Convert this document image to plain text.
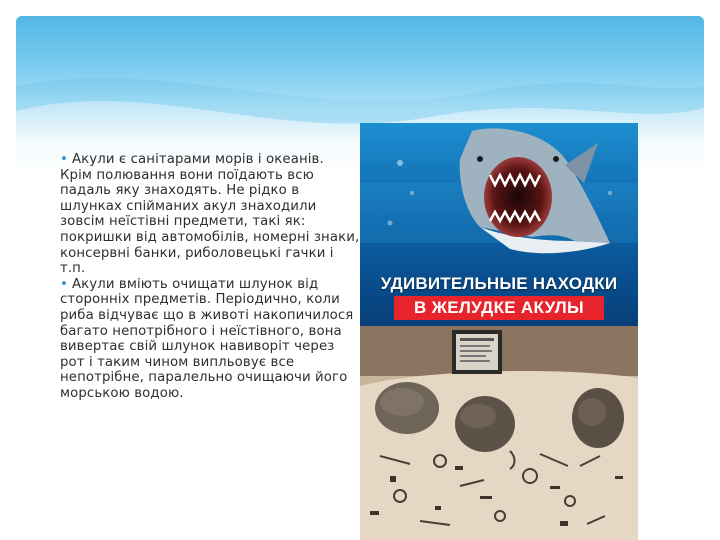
• Акули є санітарами морів і океанів. Крім полювання вони поїдають всю падаль яку знаходять. Не рідко в шлунках спійманих акул знаходили зовсім неїстівні предмети, такі як: покришки від автомобілів, номерні знаки, консервні банки, риболовецькі гачки і т.п.

• Акули вміють очищати шлунок від сторонніх предметів. Періодично, коли риба відчуває що в животі накопичилося багато непотрібного і неїстівного, вона вивертає свій шлунок навиворіт через рот і таким чином випльовує все непотрібне, паралельно очищаючи його морською водою.

УДИВИТЕЛЬНЫЕ НАХОДКИ
В ЖЕЛУДКЕ АКУЛЫ
